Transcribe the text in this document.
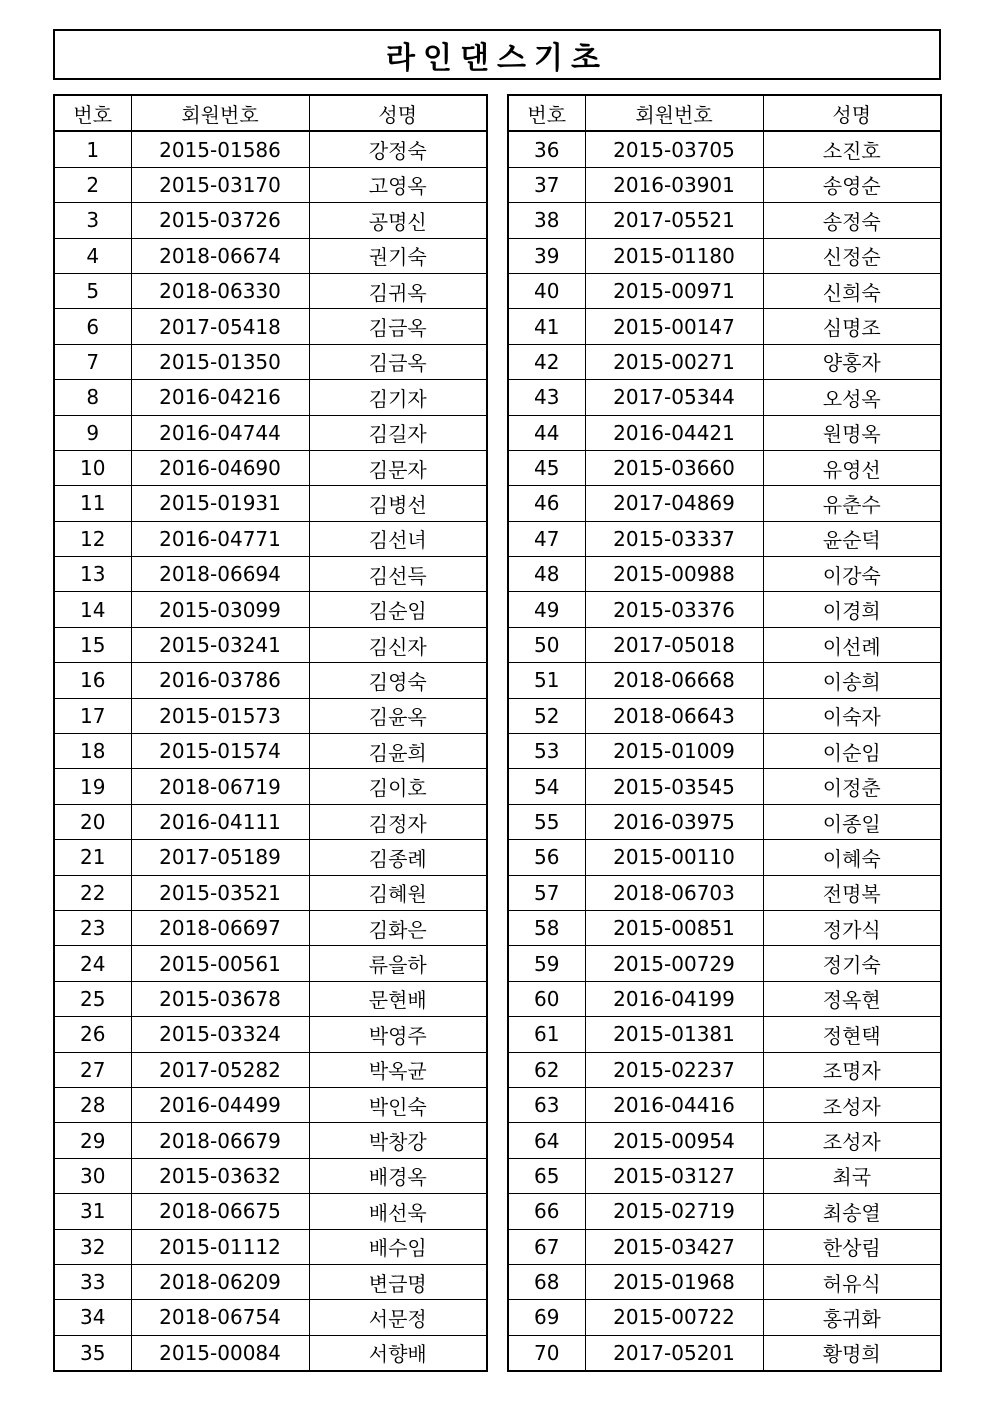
라인댄스기초
번호	회원번호	성명
1	2015-01586	강정숙
2	2015-03170	고영옥
3	2015-03726	공명신
4	2018-06674	권기숙
5	2018-06330	김귀옥
6	2017-05418	김금옥
7	2015-01350	김금옥
8	2016-04216	김기자
9	2016-04744	김길자
10	2016-04690	김문자
11	2015-01931	김병선
12	2016-04771	김선녀
13	2018-06694	김선득
14	2015-03099	김순임
15	2015-03241	김신자
16	2016-03786	김영숙
17	2015-01573	김윤옥
18	2015-01574	김윤희
19	2018-06719	김이호
20	2016-04111	김정자
21	2017-05189	김종례
22	2015-03521	김혜원
23	2018-06697	김화은
24	2015-00561	류을하
25	2015-03678	문현배
26	2015-03324	박영주
27	2017-05282	박옥균
28	2016-04499	박인숙
29	2018-06679	박창강
30	2015-03632	배경옥
31	2018-06675	배선욱
32	2015-01112	배수임
33	2018-06209	변금명
34	2018-06754	서문정
35	2015-00084	서향배
번호	회원번호	성명
36	2015-03705	소진호
37	2016-03901	송영순
38	2017-05521	송정숙
39	2015-01180	신정순
40	2015-00971	신희숙
41	2015-00147	심명조
42	2015-00271	양홍자
43	2017-05344	오성옥
44	2016-04421	원명옥
45	2015-03660	유영선
46	2017-04869	유춘수
47	2015-03337	윤순덕
48	2015-00988	이강숙
49	2015-03376	이경희
50	2017-05018	이선례
51	2018-06668	이송희
52	2018-06643	이숙자
53	2015-01009	이순임
54	2015-03545	이정춘
55	2016-03975	이종일
56	2015-00110	이혜숙
57	2018-06703	전명복
58	2015-00851	정가식
59	2015-00729	정기숙
60	2016-04199	정옥현
61	2015-01381	정현택
62	2015-02237	조명자
63	2016-04416	조성자
64	2015-00954	조성자
65	2015-03127	최국
66	2015-02719	최송열
67	2015-03427	한상림
68	2015-01968	허유식
69	2015-00722	홍귀화
70	2017-05201	황명희
